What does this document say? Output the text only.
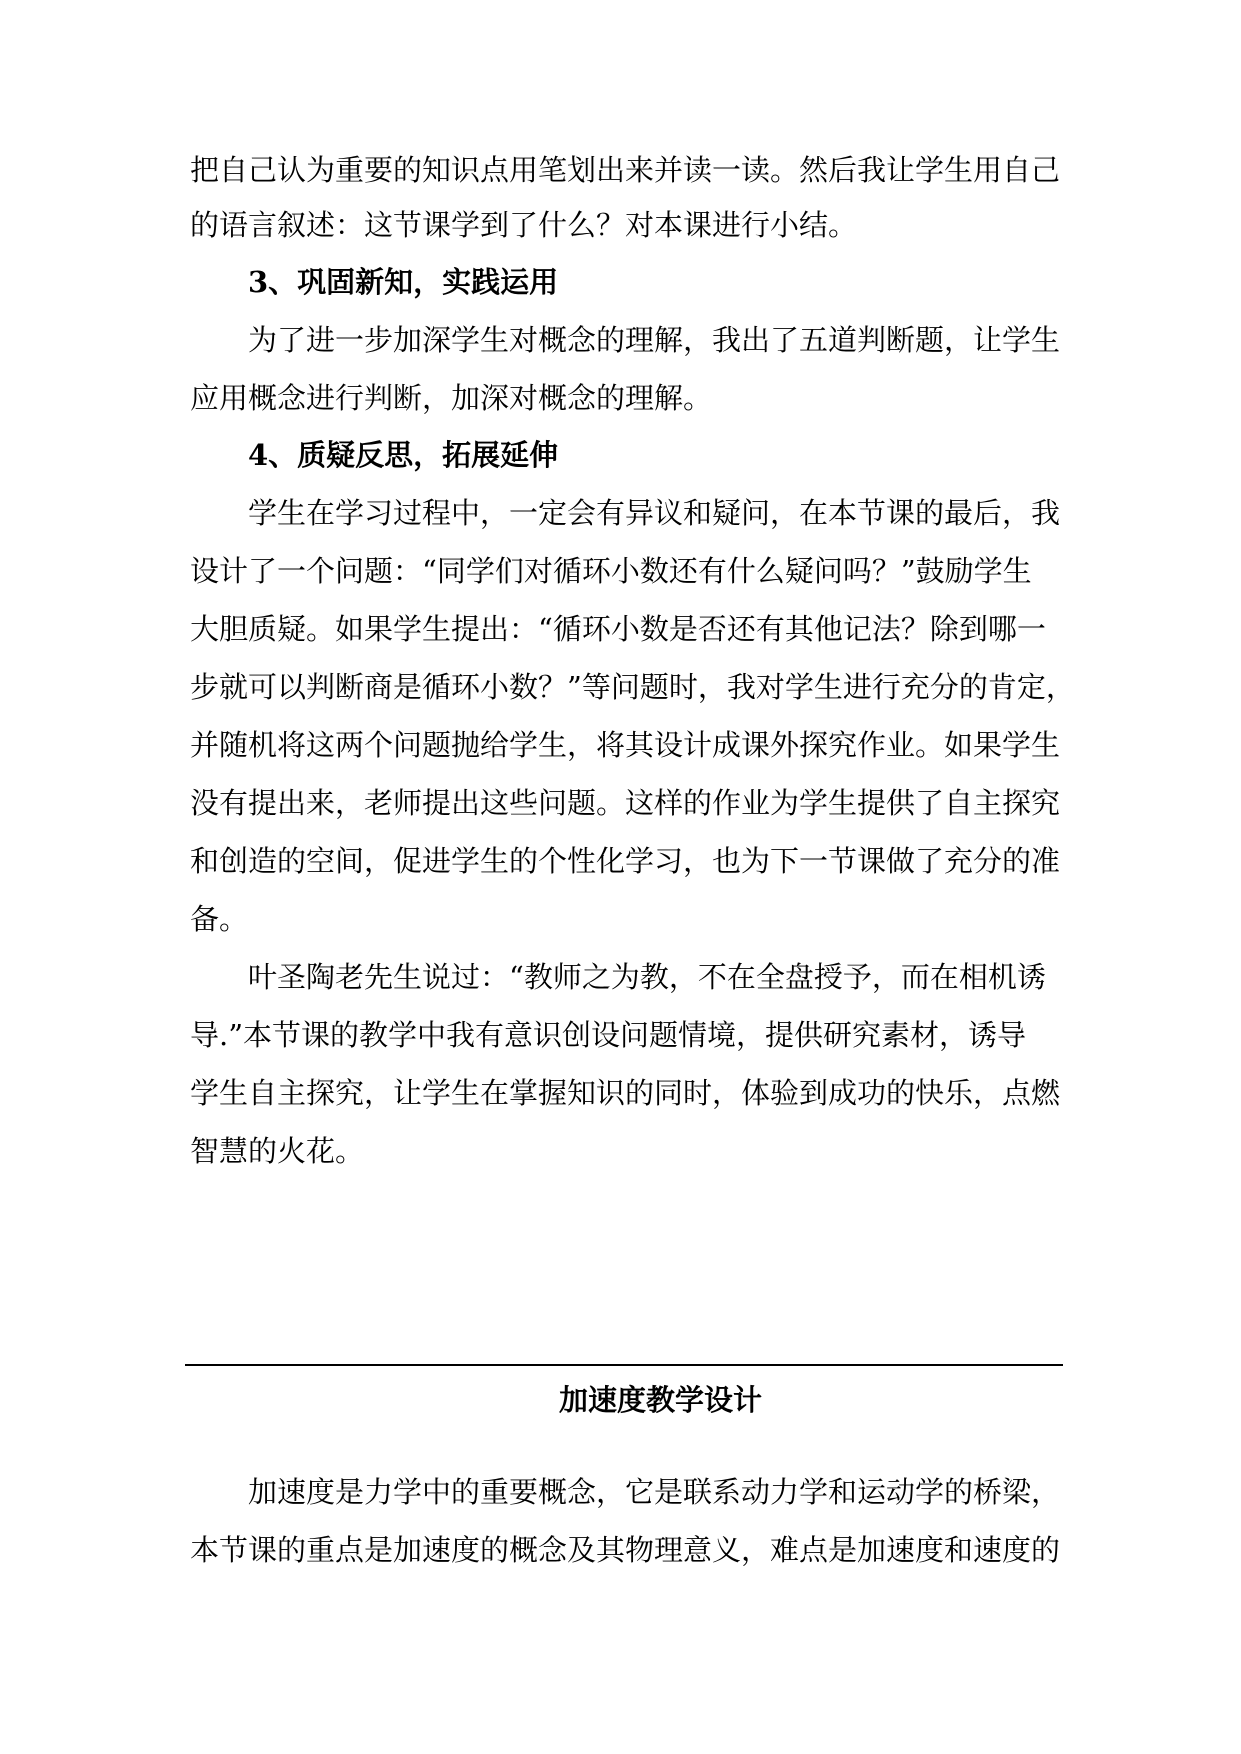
把自己认为重要的知识点用笔划出来并读一读。然后我让学生用自己
的语言叙述：这节课学到了什么？对本课进行小结。
3、巩固新知，实践运用
为了进一步加深学生对概念的理解，我出了五道判断题，让学生
应用概念进行判断，加深对概念的理解。
4、质疑反思，拓展延伸
学生在学习过程中，一定会有异议和疑问，在本节课的最后，我
设计了一个问题：“同学们对循环小数还有什么疑问吗？”鼓励学生
大胆质疑。如果学生提出：“循环小数是否还有其他记法？除到哪一
步就可以判断商是循环小数？”等问题时，我对学生进行充分的肯定，
并随机将这两个问题抛给学生，将其设计成课外探究作业。如果学生
没有提出来，老师提出这些问题。这样的作业为学生提供了自主探究
和创造的空间，促进学生的个性化学习，也为下一节课做了充分的准
备。
叶圣陶老先生说过：“教师之为教，不在全盘授予，而在相机诱
导.”本节课的教学中我有意识创设问题情境，提供研究素材，诱导
学生自主探究，让学生在掌握知识的同时，体验到成功的快乐，点燃
智慧的火花。
加速度是力学中的重要概念，它是联系动力学和运动学的桥梁，
本节课的重点是加速度的概念及其物理意义，难点是加速度和速度的
加速度教学设计
